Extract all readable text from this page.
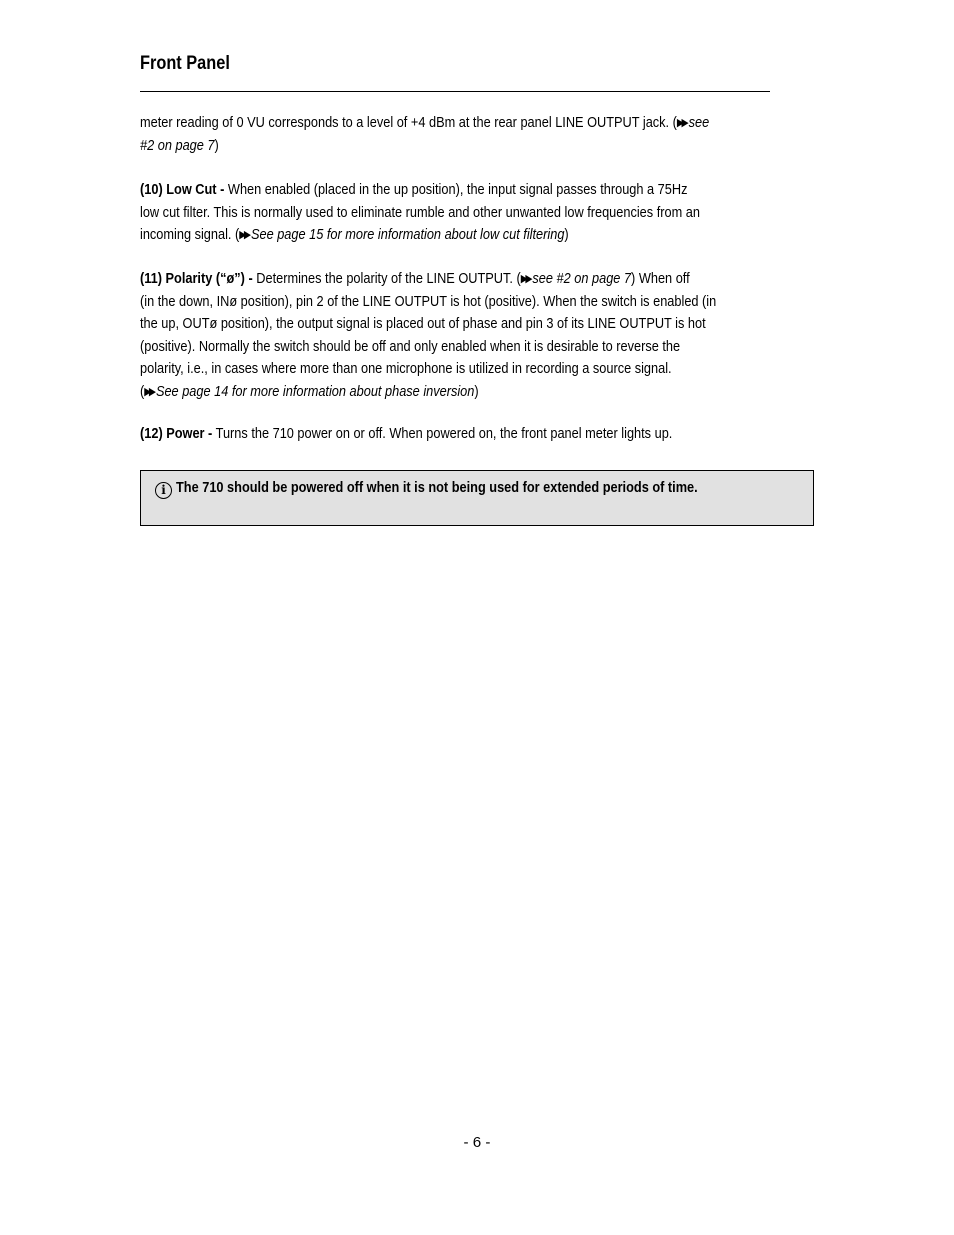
Front Panel

meter reading of 0 VU corresponds to a level of +4 dBm at the rear panel LINE OUTPUT jack. (▶▶ see
#2 on page 7)

(10) Low Cut - When enabled (placed in the up position), the input signal passes through a 75Hz
low cut filter. This is normally used to eliminate rumble and other unwanted low frequencies from an
incoming signal. (▶▶ See page 15 for more information about low cut filtering)

(11) Polarity (“ø”) - Determines the polarity of the LINE OUTPUT. (▶▶ see #2 on page 7) When off
(in the down, INø position), pin 2 of the LINE OUTPUT is hot (positive). When the switch is enabled (in
the up, OUTø position), the output signal is placed out of phase and pin 3 of its LINE OUTPUT is hot
(positive). Normally the switch should be off and only enabled when it is desirable to reverse the
polarity, i.e., in cases where more than one microphone is utilized in recording a source signal.
(▶▶ See page 14 for more information about phase inversion)

(12) Power - Turns the 710 power on or off. When powered on, the front panel meter lights up.

i The 710 should be powered off when it is not being used for extended periods of time.
- 6 -
